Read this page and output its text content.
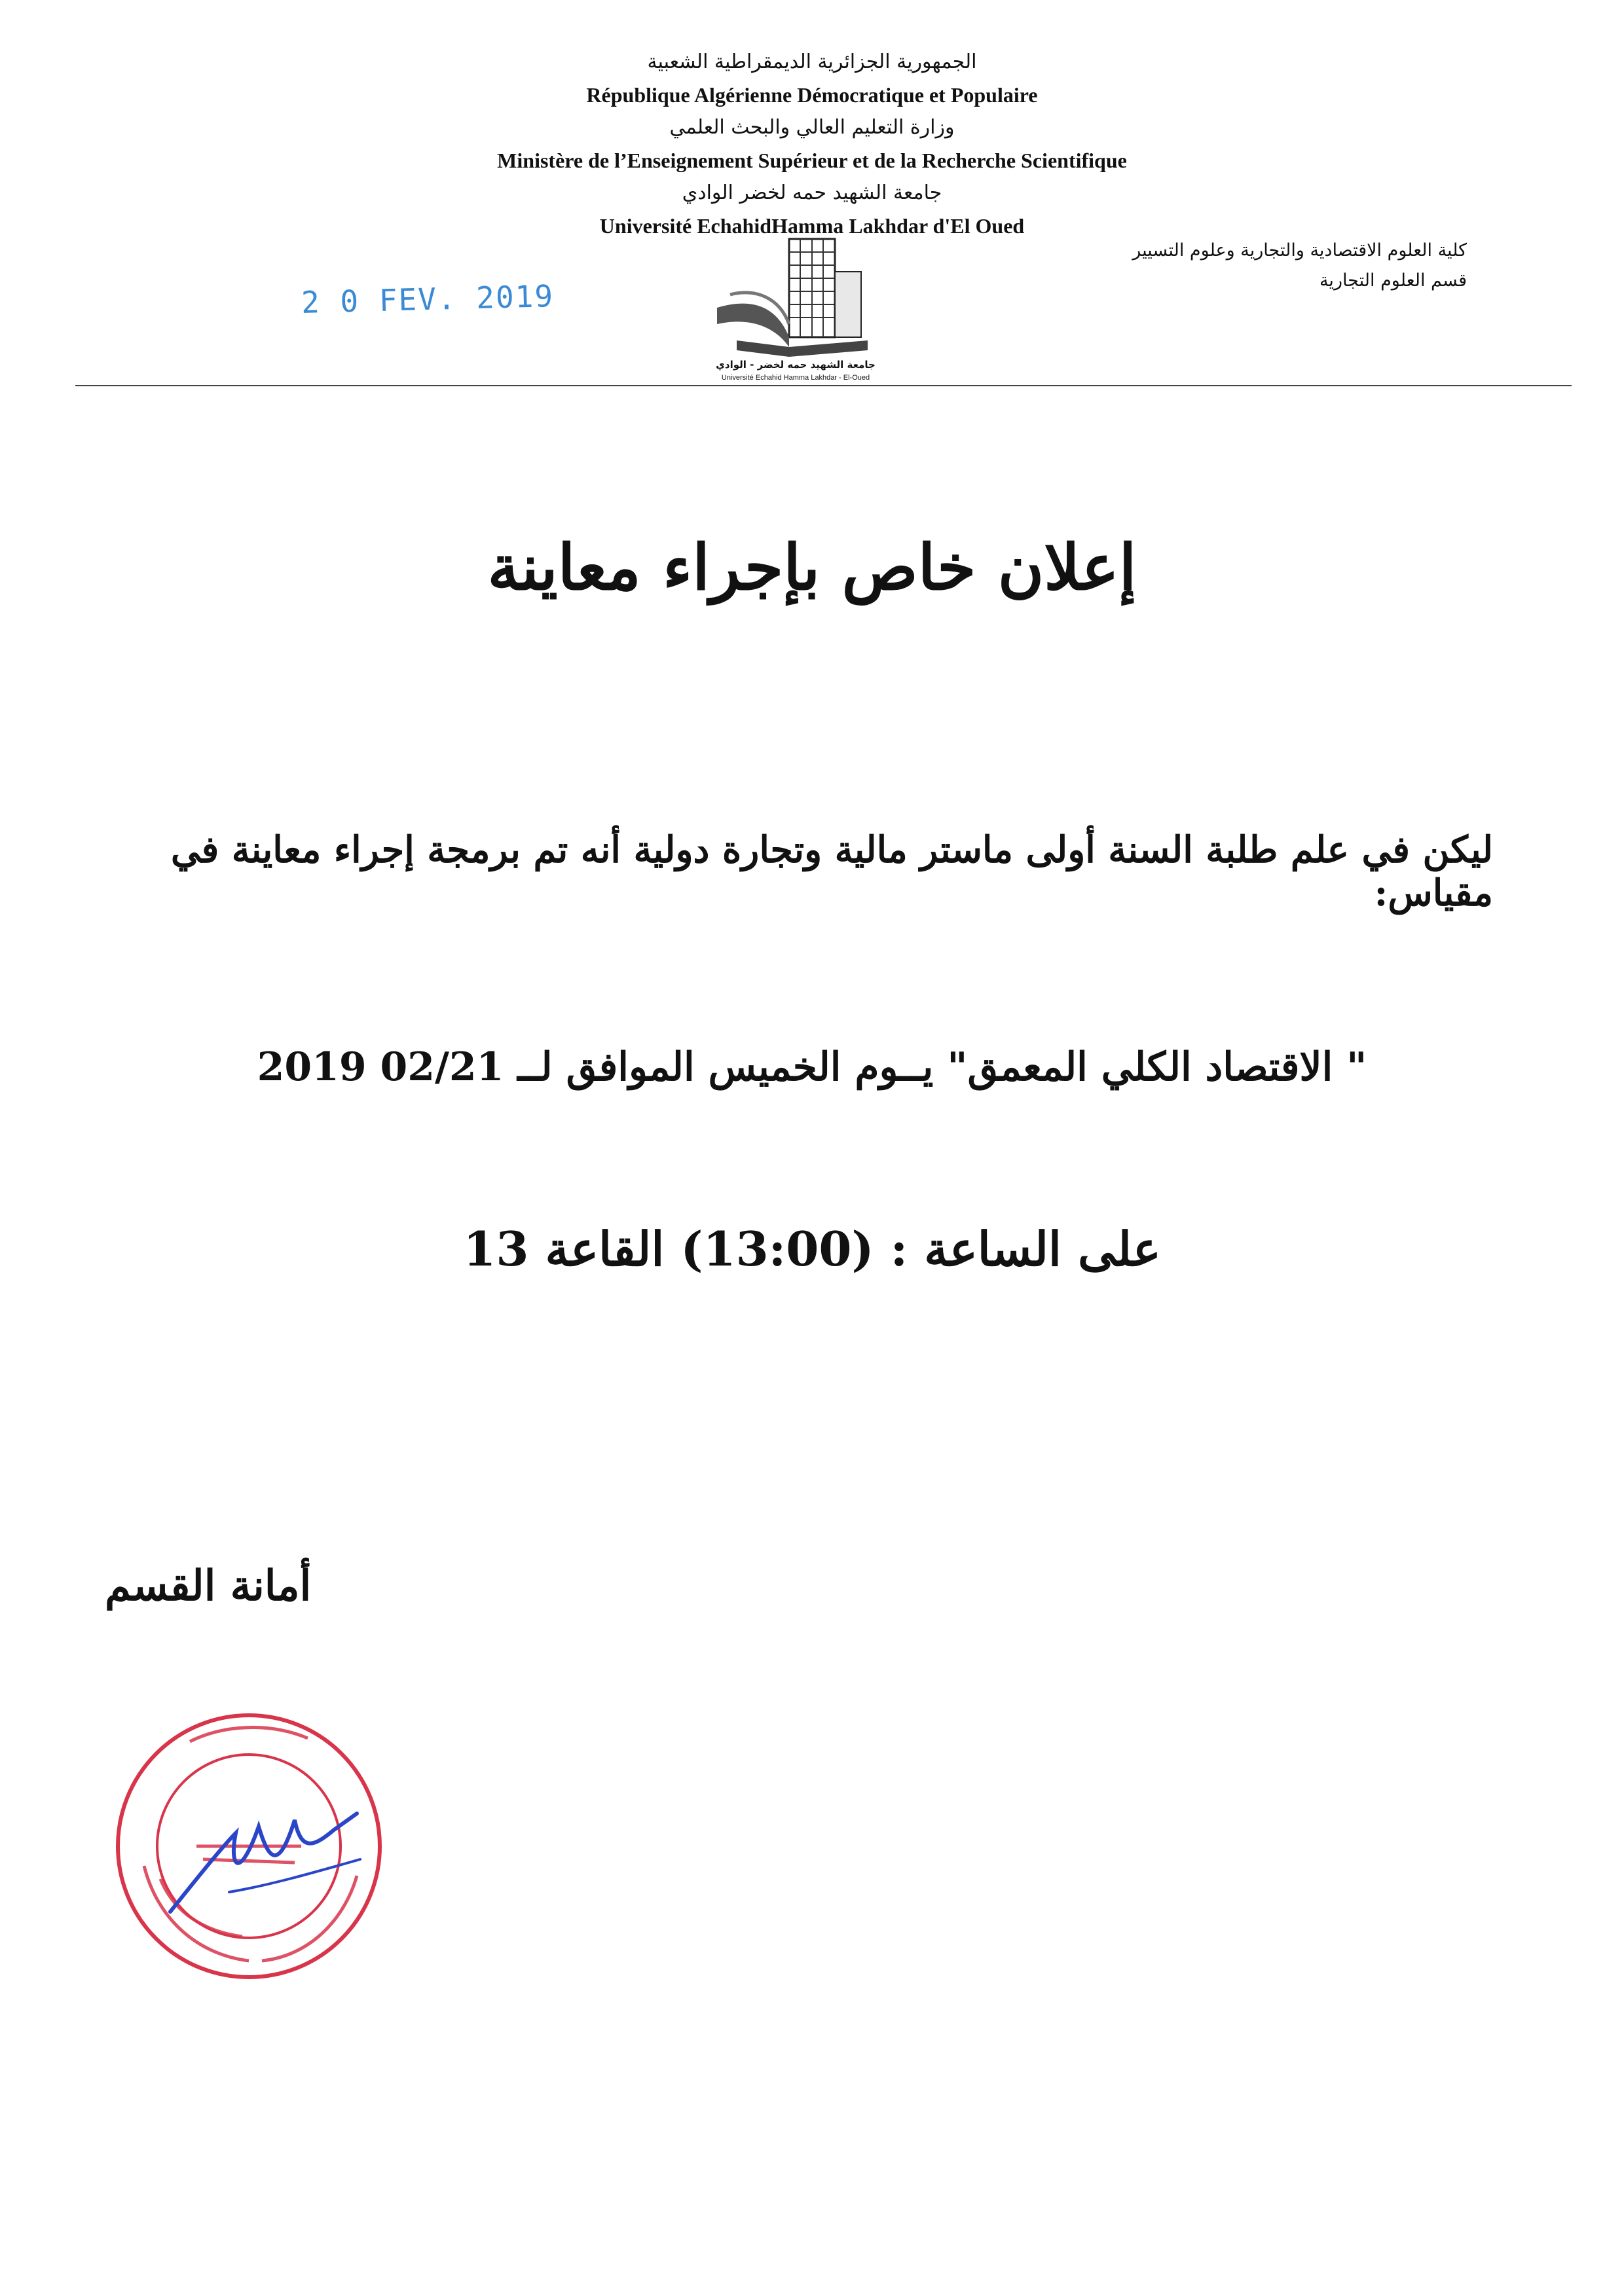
الجمهورية الجزائرية الديمقراطية الشعبية
République Algérienne Démocratique et Populaire
وزارة التعليم العالي والبحث العلمي
Ministère de l’Enseignement Supérieur et de la Recherche Scientifique
جامعة الشهيد حمه لخضر الوادي
Université EchahidHamma Lakhdar d'El Oued
كلية العلوم الاقتصادية والتجارية وعلوم التسيير
قسم العلوم التجارية
2 0 FEV. 2019
جامعة الشهيد حمه لخضر - الوادي
Université Echahid Hamma Lakhdar - El-Oued
إعلان خاص بإجراء معاينة
ليكن في علم طلبة السنة أولى ماستر مالية وتجارة دولية أنه تم برمجة إجراء معاينة في مقياس:
" الاقتصاد الكلي المعمق" يــوم الخميس الموافق لــ 02/21 2019
على الساعة : (13:00) القاعة 13
أمانة القسم
